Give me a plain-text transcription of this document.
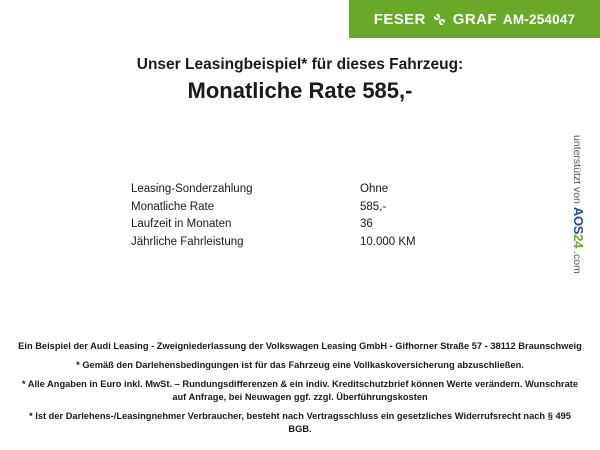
FESER GRAF AM-254047
Unser Leasingbeispiel* für dieses Fahrzeug:
Monatliche Rate 585,-
Leasing-Sonderzahlung	Ohne
Monatliche Rate	585,-
Laufzeit in Monaten	36
Jährliche Fahrleistung	10.000 KM
unterstützt von
AOS24
.com

Ein Beispiel der Audi Leasing - Zweigniederlassung der Volkswagen Leasing GmbH - Gifhorner Straße 57 - 38112 Braunschweig

* Gemäß den Darlehensbedingungen ist für das Fahrzeug eine Vollkaskoversicherung abzuschließen.

* Alle Angaben in Euro inkl. MwSt. – Rundungsdifferenzen & ein indiv. Kreditschutzbrief können Werte verändern. Wunschrate auf Anfrage, bei Neuwagen ggf. zzgl. Überführungskosten

* Ist der Darlehens-/Leasingnehmer Verbraucher, besteht nach Vertragsschluss ein gesetzliches Widerrufsrecht nach § 495 BGB.
